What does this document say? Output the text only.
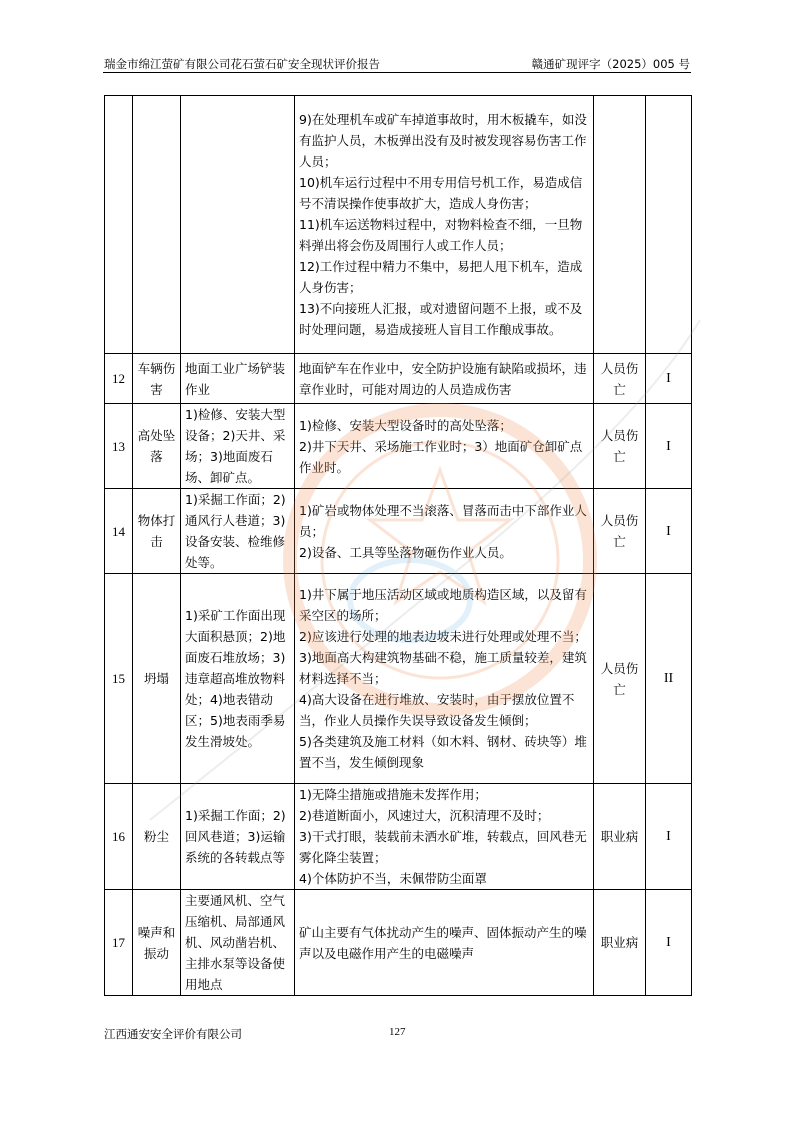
瑞金市绵江萤矿有限公司花石萤石矿安全现状评价报告	赣通矿现评字（2025）005 号

			9)在处理机车或矿车掉道事故时，用木板撬车，如没有监护人员，木板弹出没有及时被发现容易伤害工作人员；
10)机车运行过程中不用专用信号机工作，易造成信号不清误操作使事故扩大，造成人身伤害；
11)机车运送物料过程中，对物料检查不细，一旦物料弹出将会伤及周围行人或工作人员；
12)工作过程中精力不集中，易把人甩下机车，造成人身伤害；
13)不向接班人汇报，或对遗留问题不上报，或不及时处理问题，易造成接班人盲目工作酿成事故。		

12	车辆伤害	地面工业广场铲装作业	地面铲车在作业中，安全防护设施有缺陷或损坏，违章作业时，可能对周边的人员造成伤害	人员伤亡	I
13	高处坠落	1)检修、安装大型设备；2)天井、采场；3)地面废石场、卸矿点。	1)检修、安装大型设备时的高处坠落；
2)井下天井、采场施工作业时；3）地面矿仓卸矿点作业时。	人员伤亡	I
14	物体打击	1)采掘工作面；2)通风行人巷道；3)设备安装、检维修处等。	1)矿岩或物体处理不当滚落、冒落而击中下部作业人员；
2)设备、工具等坠落物砸伤作业人员。	人员伤亡	I
15	坍塌	1)采矿工作面出现大面积悬顶；2)地面废石堆放场；3)违章超高堆放物料处；4)地表错动区；5)地表雨季易发生滑坡处。	1)井下属于地压活动区域或地质构造区域，以及留有采空区的场所；
2)应该进行处理的地表边坡未进行处理或处理不当；
3)地面高大构建筑物基础不稳，施工质量较差，建筑材料选择不当；
4)高大设备在进行堆放、安装时，由于摆放位置不当，作业人员操作失误导致设备发生倾倒；
5)各类建筑及施工材料（如木料、钢材、砖块等）堆置不当，发生倾倒现象	人员伤亡	II
16	粉尘	1)采掘工作面；2)回风巷道；3)运输系统的各转载点等	1)无降尘措施或措施未发挥作用；
2)巷道断面小，风速过大，沉积清理不及时；
3)干式打眼，装载前未洒水矿堆，转载点，回风巷无雾化降尘装置；
4)个体防护不当，未佩带防尘面罩	职业病	I
17	噪声和振动	主要通风机、空气压缩机、局部通风机、风动凿岩机、主排水泵等设备使用地点	矿山主要有气体扰动产生的噪声、固体振动产生的噪声以及电磁作用产生的电磁噪声	职业病	I
江西通安安全评价有限公司	127
